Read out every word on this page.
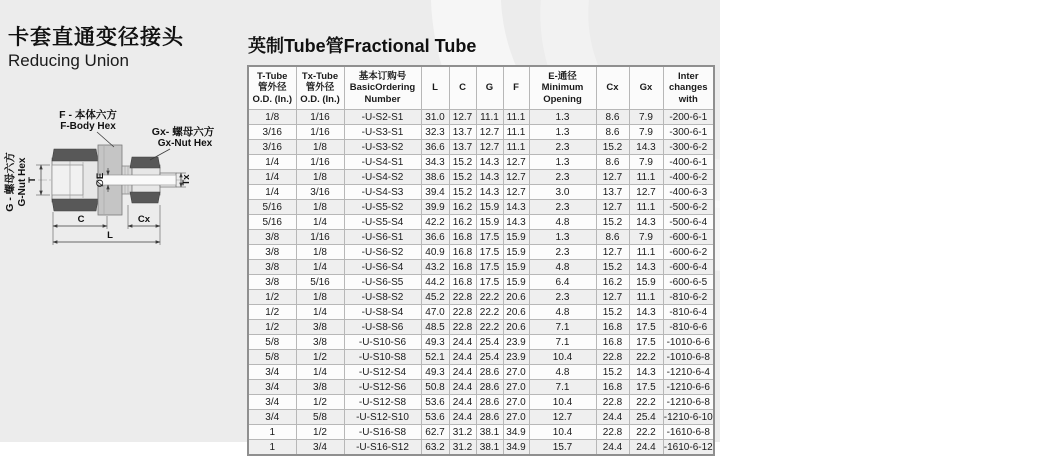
卡套直通变径接头
Reducing Union
英制Tube管Fractional Tube
F - 本体六方
F-Body Hex	Gx- 螺母六方
Gx-Nut Hex
G - 螺母六方 G-Nut Hex T	∅E	Tx
C	Cx
L
T-Tube
管外径
O.D. (In.)

Tx-Tube
管外径
O.D. (In.)

基本订购号
BasicOrdering
Number

L	C	G	F

E-通径
Minimum
Opening

Cx	Gx

Inter
changes
with

1/8	1/16	-U-S2-S1	31.0	12.7	11.1	11.1	1.3	8.6	7.9	-200-6-1
3/16	1/16	-U-S3-S1	32.3	13.7	12.7	11.1	1.3	8.6	7.9	-300-6-1
3/16	1/8	-U-S3-S2	36.6	13.7	12.7	11.1	2.3	15.2	14.3	-300-6-2
1/4	1/16	-U-S4-S1	34.3	15.2	14.3	12.7	1.3	8.6	7.9	-400-6-1
1/4	1/8	-U-S4-S2	38.6	15.2	14.3	12.7	2.3	12.7	11.1	-400-6-2
1/4	3/16	-U-S4-S3	39.4	15.2	14.3	12.7	3.0	13.7	12.7	-400-6-3
5/16	1/8	-U-S5-S2	39.9	16.2	15.9	14.3	2.3	12.7	11.1	-500-6-2
5/16	1/4	-U-S5-S4	42.2	16.2	15.9	14.3	4.8	15.2	14.3	-500-6-4
3/8	1/16	-U-S6-S1	36.6	16.8	17.5	15.9	1.3	8.6	7.9	-600-6-1
3/8	1/8	-U-S6-S2	40.9	16.8	17.5	15.9	2.3	12.7	11.1	-600-6-2
3/8	1/4	-U-S6-S4	43.2	16.8	17.5	15.9	4.8	15.2	14.3	-600-6-4
3/8	5/16	-U-S6-S5	44.2	16.8	17.5	15.9	6.4	16.2	15.9	-600-6-5
1/2	1/8	-U-S8-S2	45.2	22.8	22.2	20.6	2.3	12.7	11.1	-810-6-2
1/2	1/4	-U-S8-S4	47.0	22.8	22.2	20.6	4.8	15.2	14.3	-810-6-4
1/2	3/8	-U-S8-S6	48.5	22.8	22.2	20.6	7.1	16.8	17.5	-810-6-6
5/8	3/8	-U-S10-S6	49.3	24.4	25.4	23.9	7.1	16.8	17.5	-1010-6-6
5/8	1/2	-U-S10-S8	52.1	24.4	25.4	23.9	10.4	22.8	22.2	-1010-6-8
3/4	1/4	-U-S12-S4	49.3	24.4	28.6	27.0	4.8	15.2	14.3	-1210-6-4
3/4	3/8	-U-S12-S6	50.8	24.4	28.6	27.0	7.1	16.8	17.5	-1210-6-6
3/4	1/2	-U-S12-S8	53.6	24.4	28.6	27.0	10.4	22.8	22.2	-1210-6-8
3/4	5/8	-U-S12-S10	53.6	24.4	28.6	27.0	12.7	24.4	25.4	-1210-6-10
1	1/2	-U-S16-S8	62.7	31.2	38.1	34.9	10.4	22.8	22.2	-1610-6-8
1	3/4	-U-S16-S12	63.2	31.2	38.1	34.9	15.7	24.4	24.4	-1610-6-12
